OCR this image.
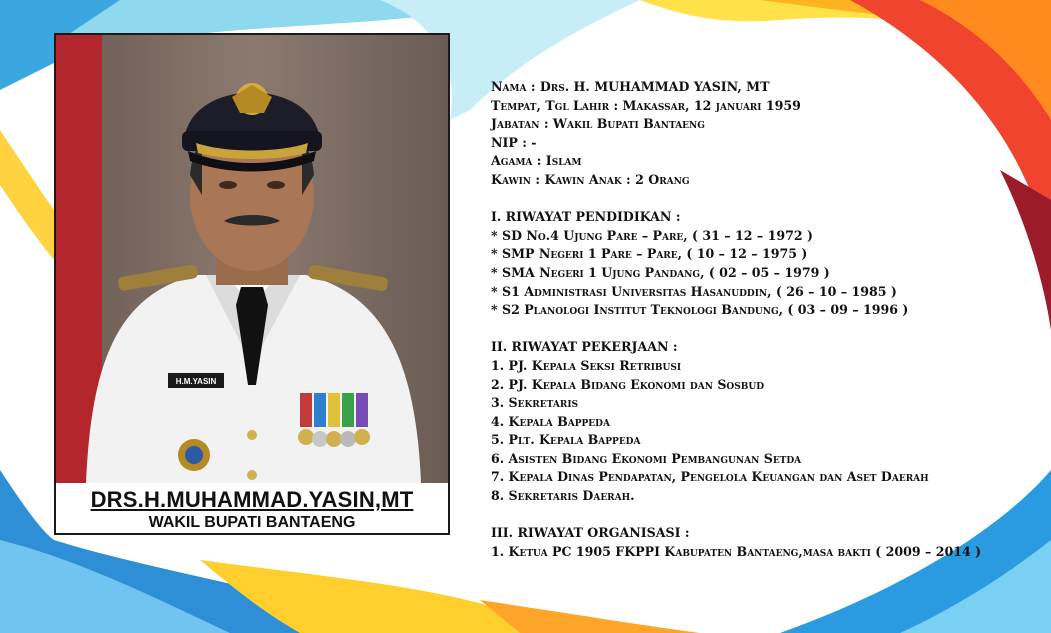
H.M.YASIN
DRS.H.MUHAMMAD.YASIN,MT
WAKIL BUPATI BANTAENG
Nama : Drs. H. MUHAMMAD YASIN, MT
Tempat, Tgl Lahir : Makassar, 12 januari 1959
Jabatan : Wakil Bupati Bantaeng
NIP : -
Agama : Islam
Kawin : Kawin Anak : 2 Orang
I. RIWAYAT PENDIDIKAN :
* SD No.4 Ujung Pare – Pare, ( 31 – 12 – 1972 )
* SMP Negeri 1 Pare – Pare, ( 10 – 12 – 1975 )
* SMA Negeri 1 Ujung Pandang, ( 02 – 05 – 1979 )
* S1 Administrasi Universitas Hasanuddin, ( 26 – 10 – 1985 )
* S2 Planologi Institut Teknologi Bandung, ( 03 – 09 – 1996 )
II. RIWAYAT PEKERJAAN :
1. PJ. Kepala Seksi Retribusi
2. PJ. Kepala Bidang Ekonomi dan Sosbud
3. Sekretaris
4. Kepala Bappeda
5. Plt. Kepala Bappeda
6. Asisten Bidang Ekonomi Pembangunan Setda
7. Kepala Dinas Pendapatan, Pengelola Keuangan dan Aset Daerah
8. Sekretaris Daerah.
III. RIWAYAT ORGANISASI :
1. Ketua PC 1905 FKPPI Kabupaten Bantaeng,masa bakti ( 2009 – 2014 )
